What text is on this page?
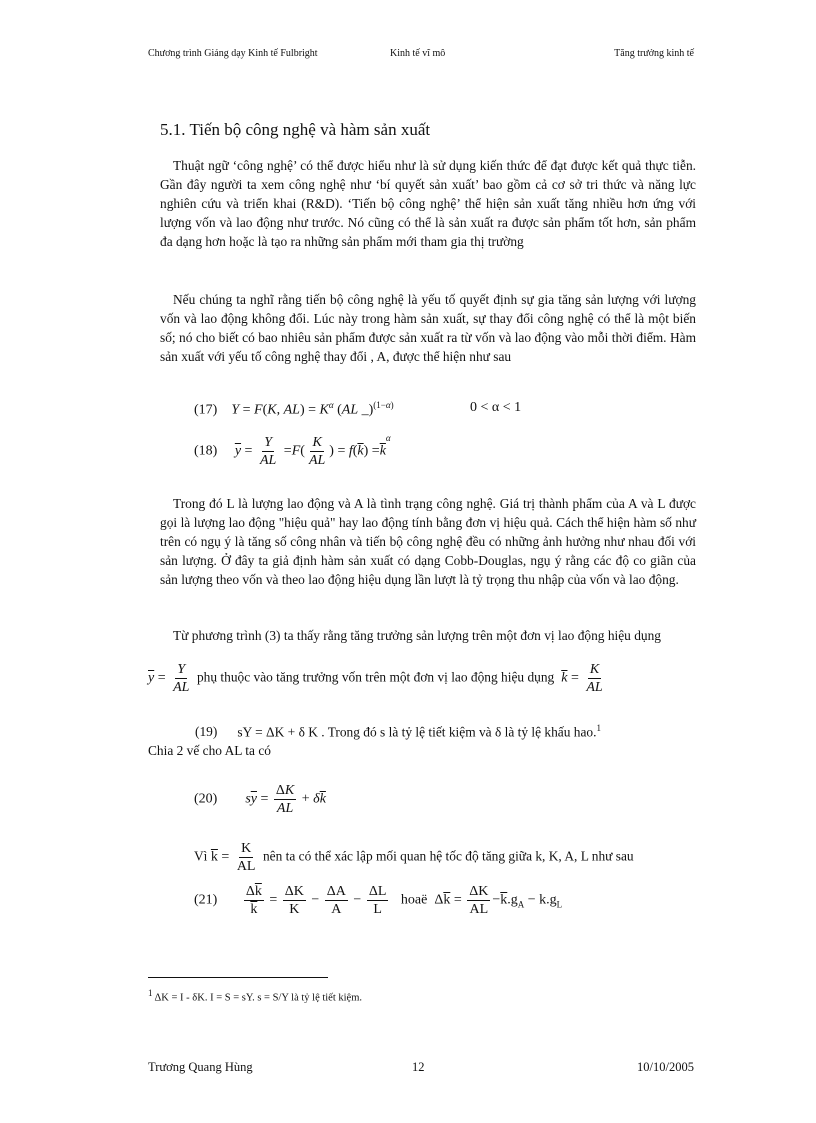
Chương trình Giảng dạy Kinh tế Fulbright	Kinh tế vĩ mô	Tăng trưởng kinh tế
5.1. Tiến bộ công nghệ và hàm sản xuất
Thuật ngữ ‘công nghệ’ có thể được hiểu như là sử dụng kiến thức để đạt được kết quả thực tiễn. Gần đây người ta xem công nghệ như ‘bí quyết sản xuất’ bao gồm cả cơ sở tri thức và năng lực nghiên cứu và triển khai (R&D). ‘Tiến bộ công nghệ’ thể hiện sản xuất tăng nhiều hơn ứng với lượng vốn và lao động như trước. Nó cũng có thể là sản xuất ra được sản phẩm tốt hơn, sản phẩm đa dạng hơn hoặc là tạo ra những sản phẩm mới tham gia thị trường
Nếu chúng ta nghĩ rằng tiến bộ công nghệ là yếu tố quyết định sự gia tăng sản lượng với lượng vốn và lao động không đổi. Lúc này trong hàm sản xuất, sự thay đổi công nghệ có thể là một biến số; nó cho biết có bao nhiêu sản phẩm được sản xuất ra từ vốn và lao động vào mỗi thời điểm. Hàm sản xuất với yếu tố công nghệ thay đổi , A, được thể hiện như sau
(17) Y = F(K, $AL) = K^\alpha$ (AL _)$^{(1-\alpha)}$	0 < α < 1
(18) $\overline{y} = \frac{Y}{AL} =F( \frac{K}{AL}$ ) = $f(\overline{k}) =\overline{k}^\alpha$
Trong đó L là lượng lao động và A là tình trạng công nghệ. Giá trị thành phẩm của A và L được gọi là lượng lao động "hiệu quả" hay lao động tính bằng đơn vị hiệu quả. Cách thể hiện hàm số như trên có ngụ ý là tăng số công nhân và tiến bộ công nghệ đều có những ảnh hưởng như nhau đối với sản lượng. Ở đây ta giả định hàm sản xuất có dạng Cobb-Douglas, ngụ ý rằng các độ co giãn của sản lượng theo vốn và theo lao động hiệu dụng lần lượt là tỷ trọng thu nhập của vốn và lao động.
Từ phương trình (3) ta thấy rằng tăng trưởng sản lượng trên một đơn vị lao động hiệu dụng
$\overline{y} = \frac{Y}{AL}$ phụ thuộc vào tăng trưởng vốn trên một đơn vị lao động hiệu dụng $\overline{k} = \frac{K}{AL}$
(19) sY = ΔK + δ K . Trong đó s là tỷ lệ tiết kiệm và δ là tỷ lệ khấu hao.$^1$
Chia 2 vế cho AL ta có
(20) $s\overline{y} = \frac{\Delta K}{AL} + \delta\overline{k}$
Vì $\overline{k} = \frac{K}{AL}$ nên ta có thể xác lập mối quan hệ tốc độ tăng giữa k, K, A, L như sau
$(21) \frac{\Delta\overline{k}}{k} = \frac{\Delta K}{K} - \frac{\Delta A}{A} - \frac{\Delta L}{L}$ hoaë  $\Delta\overline{k} = \frac{\Delta K}{AL} -\overline{k}.g_A - k.g_L$
$^1$ ΔK = I - δK. I = S = sY. s = S/Y là tỷ lệ tiết kiệm.
Trương Quang Hùng	12	10/10/2005
